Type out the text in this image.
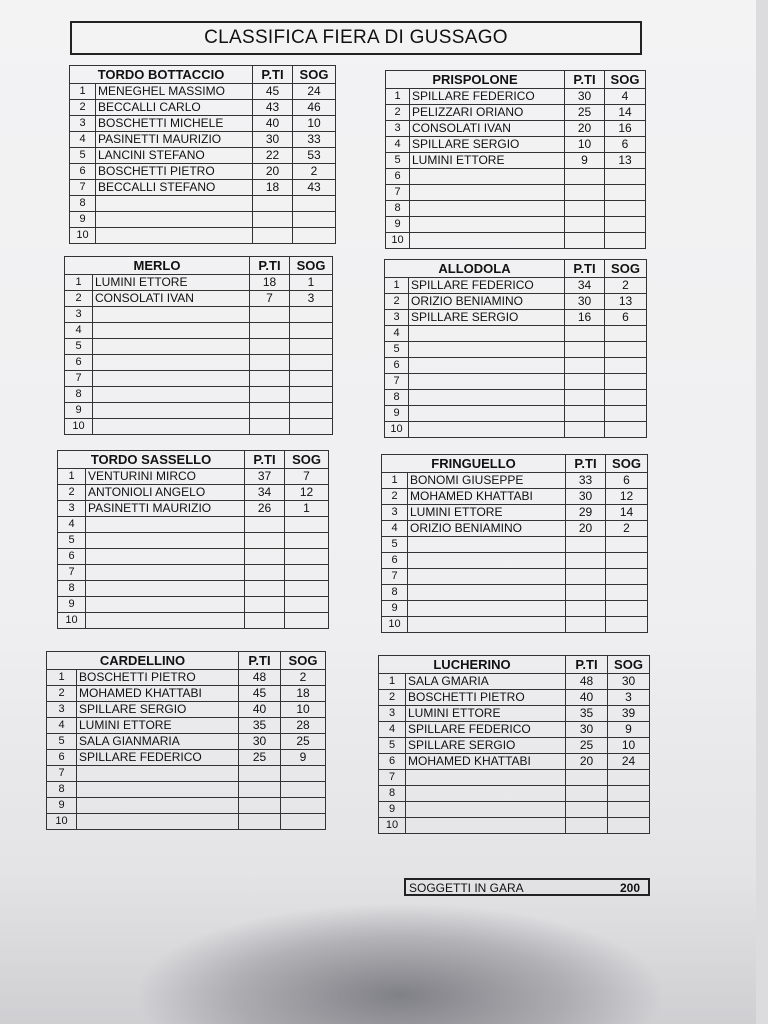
CLASSIFICA FIERA DI GUSSAGO
TORDO BOTTACCIO		P.TI	SOG
1	MENEGHEL MASSIMO	45	24
2	BECCALLI CARLO	43	46
3	BOSCHETTI MICHELE	40	10
4	PASINETTI MAURIZIO	30	33
5	LANCINI STEFANO	22	53
6	BOSCHETTI PIETRO	20	2
7	BECCALLI STEFANO	18	43
8			
9			
10			
PRISPOLONE		P.TI	SOG
1	SPILLARE FEDERICO	30	4
2	PELIZZARI ORIANO	25	14
3	CONSOLATI IVAN	20	16
4	SPILLARE SERGIO	10	6
5	LUMINI ETTORE	9	13
6			
7			
8			
9			
10			
MERLO		P.TI	SOG
1	LUMINI ETTORE	18	1
2	CONSOLATI IVAN	7	3
3			
4			
5			
6			
7			
8			
9			
10			
ALLODOLA		P.TI	SOG
1	SPILLARE FEDERICO	34	2
2	ORIZIO BENIAMINO	30	13
3	SPILLARE SERGIO	16	6
4			
5			
6			
7			
8			
9			
10			
TORDO SASSELLO		P.TI	SOG
1	VENTURINI MIRCO	37	7
2	ANTONIOLI ANGELO	34	12
3	PASINETTI MAURIZIO	26	1
4			
5			
6			
7			
8			
9			
10			
FRINGUELLO		P.TI	SOG
1	BONOMI GIUSEPPE	33	6
2	MOHAMED KHATTABI	30	12
3	LUMINI ETTORE	29	14
4	ORIZIO BENIAMINO	20	2
5			
6			
7			
8			
9			
10			
CARDELLINO		P.TI	SOG
1	BOSCHETTI PIETRO	48	2
2	MOHAMED KHATTABI	45	18
3	SPILLARE SERGIO	40	10
4	LUMINI ETTORE	35	28
5	SALA GIANMARIA	30	25
6	SPILLARE FEDERICO	25	9
7			
8			
9			
10			
LUCHERINO		P.TI	SOG
1	SALA GMARIA	48	30
2	BOSCHETTI PIETRO	40	3
3	LUMINI ETTORE	35	39
4	SPILLARE FEDERICO	30	9
5	SPILLARE SERGIO	25	10
6	MOHAMED KHATTABI	20	24
7			
8			
9			
10			
SOGGETTI IN GARA	200
